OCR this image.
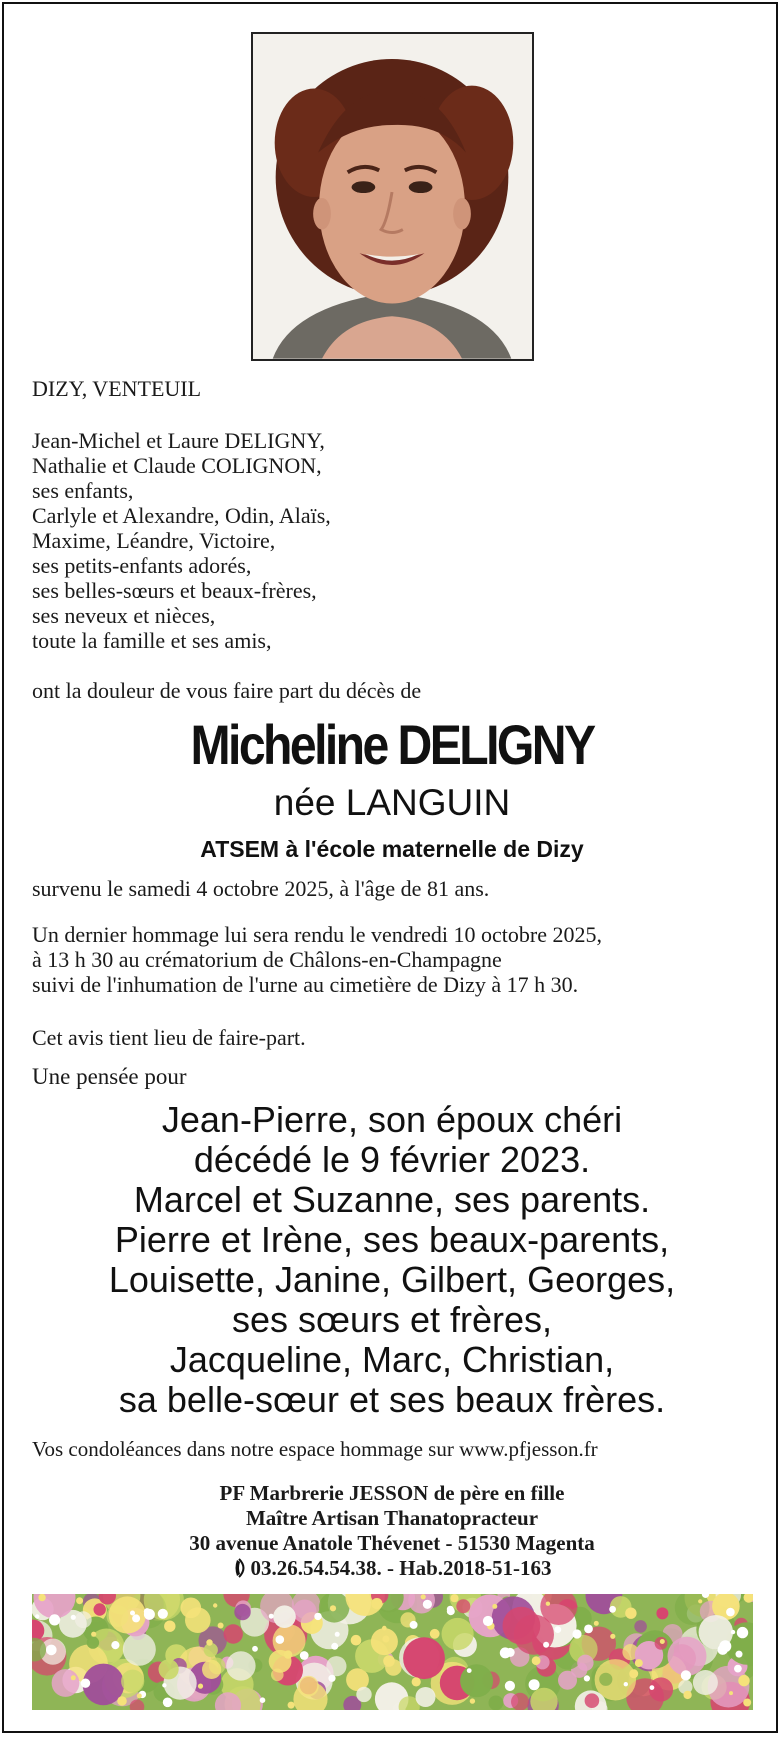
DIZY, VENTEUIL
Jean-Michel et Laure DELIGNY,
Nathalie et Claude COLIGNON,
ses enfants,
Carlyle et Alexandre, Odin, Alaïs,
Maxime, Léandre, Victoire,
ses petits-enfants adorés,
ses belles-sœurs et beaux-frères,
ses neveux et nièces,
toute la famille et ses amis,
ont la douleur de vous faire part du décès de
Micheline DELIGNY
née LANGUIN
ATSEM à l'école maternelle de Dizy
survenu le samedi 4 octobre 2025, à l'âge de 81 ans.
Un dernier hommage lui sera rendu le vendredi 10 octobre 2025,
à 13 h 30 au crématorium de Châlons-en-Champagne
suivi de l'inhumation de l'urne au cimetière de Dizy à 17 h 30.
Cet avis tient lieu de faire-part.
Une pensée pour
Jean-Pierre, son époux chéri
décédé le 9 février 2023.
Marcel et Suzanne, ses parents.
Pierre et Irène, ses beaux-parents,
Louisette, Janine, Gilbert, Georges,
ses sœurs et frères,
Jacqueline, Marc, Christian,
sa belle-sœur et ses beaux frères.
Vos condoléances dans notre espace hommage sur www.pfjesson.fr
PF Marbrerie JESSON de père en fille
Maître Artisan Thanatopracteur
30 avenue Anatole Thévenet - 51530 Magenta
03.26.54.54.38. - Hab.2018-51-163
